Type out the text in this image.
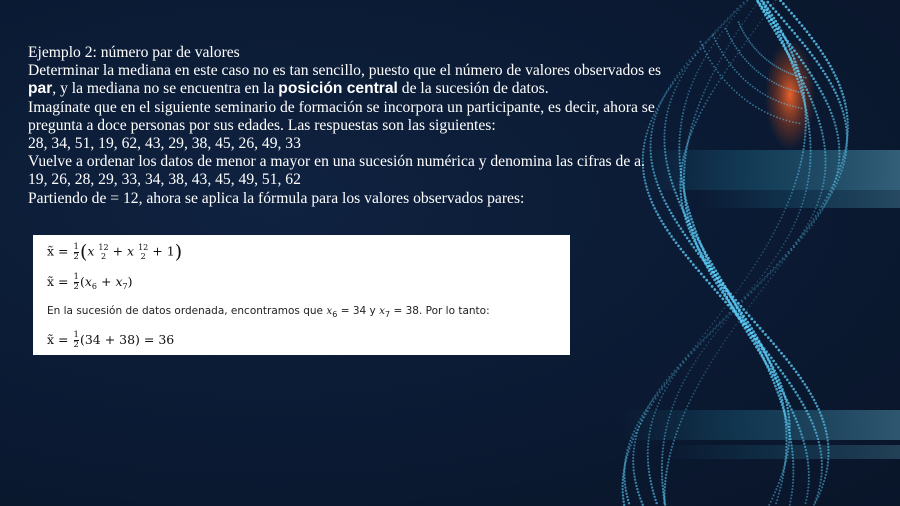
Ejemplo 2: número par de valores

Determinar la mediana en este caso no es tan sencillo, puesto que el número de valores observados es par, y la mediana no se encuentra en la posición central de la sucesión de datos.

Imagínate que en el siguiente seminario de formación se incorpora un participante, es decir, ahora se pregunta a doce personas por sus edades. Las respuestas son las siguientes:

28, 34, 51, 19, 62, 43, 29, 38, 45, 26, 49, 33

Vuelve a ordenar los datos de menor a mayor en una sucesión numérica y denomina las cifras de a.

19, 26, 28, 29, 33, 34, 38, 43, 45, 49, 51, 62

Partiendo de = 12, ahora se aplica la fórmula para los valores observados pares:

x̃ = $\frac{1}{2} (x$ 12
2 + x 12
2 + 1)
x̃ = $\frac{1}{2} (x_6 + x_7)$
En la sucesión de datos ordenada, encontramos que $x_6 = 34$ y $x_7 = 38$. Por lo tanto:
x̃ = $\frac{1}{2} (34 + 38) = 36$
